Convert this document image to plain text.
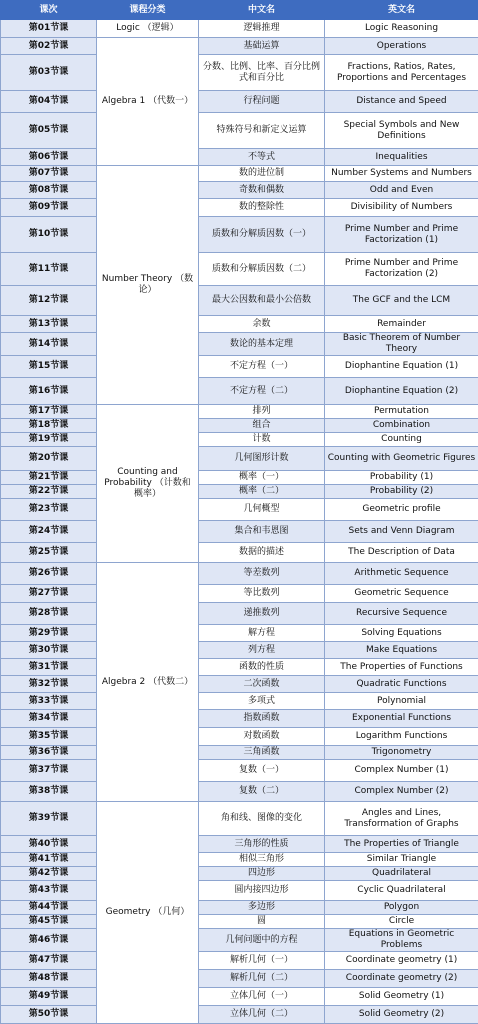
课次	课程分类	中文名	英文名
第01节课	Logic （逻辑）	逻辑推理	Logic Reasoning
第02节课	Algebra 1 （代数一）	基础运算	Operations
第03节课		分数、比例、比率、百分比例式和百分比	Fractions, Ratios, Rates, Proportions and Percentages
第04节课		行程问题	Distance and Speed
第05节课		特殊符号和新定义运算	Special Symbols and New Definitions
第06节课		不等式	Inequalities
第07节课	Number Theory （数论）	数的进位制	Number Systems and Numbers
第08节课		奇数和偶数	Odd and Even
第09节课		数的整除性	Divisibility of Numbers
第10节课		质数和分解质因数（一）	Prime Number and Prime Factorization (1)
第11节课		质数和分解质因数（二）	Prime Number and Prime Factorization (2)
第12节课		最大公因数和最小公倍数	The GCF and the LCM
第13节课		余数	Remainder
第14节课		数论的基本定理	Basic Theorem of Number Theory
第15节课		不定方程（一）	Diophantine Equation (1)
第16节课		不定方程（二）	Diophantine Equation (2)
第17节课	Counting and Probability （计数和概率）	排列	Permutation
第18节课		组合	Combination
第19节课		计数	Counting
第20节课		几何图形计数	Counting with Geometric Figures
第21节课		概率（一）	Probability (1)
第22节课		概率（二）	Probability (2)
第23节课		几何概型	Geometric profile
第24节课		集合和韦恩图	Sets and Venn Diagram
第25节课		数据的描述	The Description of Data
第26节课	Algebra 2 （代数二）	等差数列	Arithmetic Sequence
第27节课		等比数列	Geometric Sequence
第28节课		递推数列	Recursive Sequence
第29节课		解方程	Solving Equations
第30节课		列方程	Make Equations
第31节课		函数的性质	The Properties of Functions
第32节课		二次函数	Quadratic Functions
第33节课		多项式	Polynomial
第34节课		指数函数	Exponential Functions
第35节课		对数函数	Logarithm Functions
第36节课		三角函数	Trigonometry
第37节课		复数（一）	Complex Number (1)
第38节课		复数（二）	Complex Number (2)
第39节课	Geometry （几何）	角和线、图像的变化	Angles and Lines, Transformation of Graphs
第40节课		三角形的性质	The Properties of Triangle
第41节课		相似三角形	Similar Triangle
第42节课		四边形	Quadrilateral
第43节课		圆内接四边形	Cyclic Quadrilateral
第44节课		多边形	Polygon
第45节课		圆	Circle
第46节课		几何问题中的方程	Equations in Geometric Problems
第47节课		解析几何（一）	Coordinate geometry (1)
第48节课		解析几何（二）	Coordinate geometry (2)
第49节课		立体几何（一）	Solid Geometry (1)
第50节课		立体几何（二）	Solid Geometry (2)
